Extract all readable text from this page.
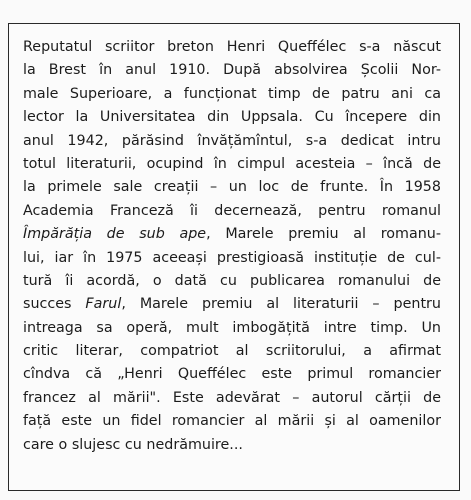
Reputatul scriitor breton Henri Queffélec s-a născut
la Brest în anul 1910. După absolvirea Școlii Nor-
male Superioare, a funcționat timp de patru ani ca
lector la Universitatea din Uppsala. Cu începere din
anul 1942, părăsind învățămîntul, s-a dedicat intru
totul literaturii, ocupind în cimpul acesteia – încă de
la primele sale creații – un loc de frunte. În 1958
Academia Franceză îi decernează, pentru romanul
Împărăția de sub ape, Marele premiu al romanu-
lui, iar în 1975 aceeași prestigioasă instituție de cul-
tură îi acordă, o dată cu publicarea romanului de
succes Farul, Marele premiu al literaturii – pentru
intreaga sa operă, mult imbogățită intre timp. Un
critic literar, compatriot al scriitorului, a afirmat
cîndva că „Henri Queffélec este primul romancier
francez al mării". Este adevărat – autorul cărții de
față este un fidel romancier al mării și al oamenilor
care o slujesc cu nedrămuire...
